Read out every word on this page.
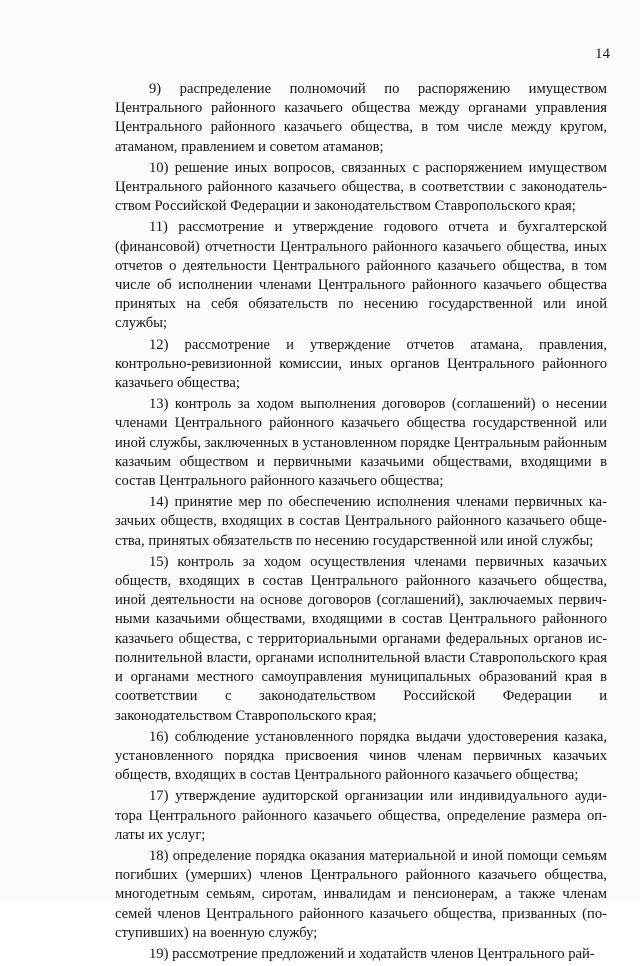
14

9) распределение полномочий по распоряжению имуществом Центрального районного казачьего общества между органами управления Центрального районного казачьего общества, в том числе между кругом, атаманом, правлением и советом атаманов;

10) решение иных вопросов, связанных с распоряжением имуществом Центрального районного казачьего общества, в соответствии с законодательством Российской Федерации и законодательством Ставропольского края;

11) рассмотрение и утверждение годового отчета и бухгалтерской (финансовой) отчетности Центрального районного казачьего общества, иных отчетов о деятельности Центрального районного казачьего общества, в том числе об исполнении членами Центрального районного казачьего общества принятых на себя обязательств по несению государственной или иной службы;

12) рассмотрение и утверждение отчетов атамана, правления, контрольно-ревизионной комиссии, иных органов Центрального районного казачьего общества;

13) контроль за ходом выполнения договоров (соглашений) о несении членами Центрального районного казачьего общества государственной или иной службы, заключенных в установленном порядке Центральным районным казачьим обществом и первичными казачьими обществами, входящими в состав Центрального районного казачьего общества;

14) принятие мер по обеспечению исполнения членами первичных казачьих обществ, входящих в состав Центрального районного казачьего общества, принятых обязательств по несению государственной или иной службы;

15) контроль за ходом осуществления членами первичных казачьих обществ, входящих в состав Центрального районного казачьего общества, иной деятельности на основе договоров (соглашений), заключаемых первичными казачьими обществами, входящими в состав Центрального районного казачьего общества, с территориальными органами федеральных органов исполнительной власти, органами исполнительной власти Ставропольского края и органами местного самоуправления муниципальных образований края в соответствии с законодательством Российской Федерации и законодательством Ставропольского края;

16) соблюдение установленного порядка выдачи удостоверения казака, установленного порядка присвоения чинов членам первичных казачьих обществ, входящих в состав Центрального районного казачьего общества;

17) утверждение аудиторской организации или индивидуального аудитора Центрального районного казачьего общества, определение размера оплаты их услуг;

18) определение порядка оказания материальной и иной помощи семьям погибших (умерших) членов Центрального районного казачьего общества, многодетным семьям, сиротам, инвалидам и пенсионерам, а также членам семей членов Центрального районного казачьего общества, призванных (поступивших) на военную службу;

19) рассмотрение предложений и ходатайств членов Центрального рай-
